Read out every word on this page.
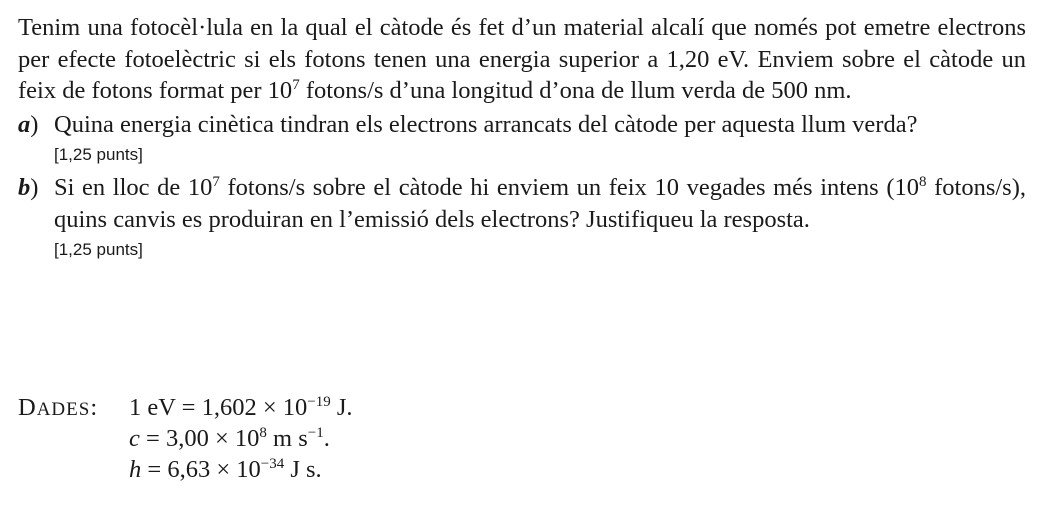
Tenim una fotocèl·lula en la qual el càtode és fet d’un material alcalí que només pot emetre electrons per efecte fotoelèctric si els fotons tenen una energia superior a 1,20 eV. Enviem sobre el càtode un feix de fotons format per $10^7$ fotons/s d’una longitud d’ona de llum verda de 500 nm.

a) Quina energia cinètica tindran els electrons arrancats del càtode per aquesta llum verda?

[1,25 punts]
b) Si en lloc de $10^7$ fotons/s sobre el càtode hi enviem un feix 10 vegades més intens ($10^8$ fotons/s), quins canvis es produiran en l’emissió dels electrons? Justifiqueu la resposta.

[1,25 punts]
DADES: 1 eV = $1,602 \times 10^{-19}$ J.
$c = 3,00 \times 10^8$ m $s^{-1}$.
$h = 6,63 \times 10^{-34}$ J s.
